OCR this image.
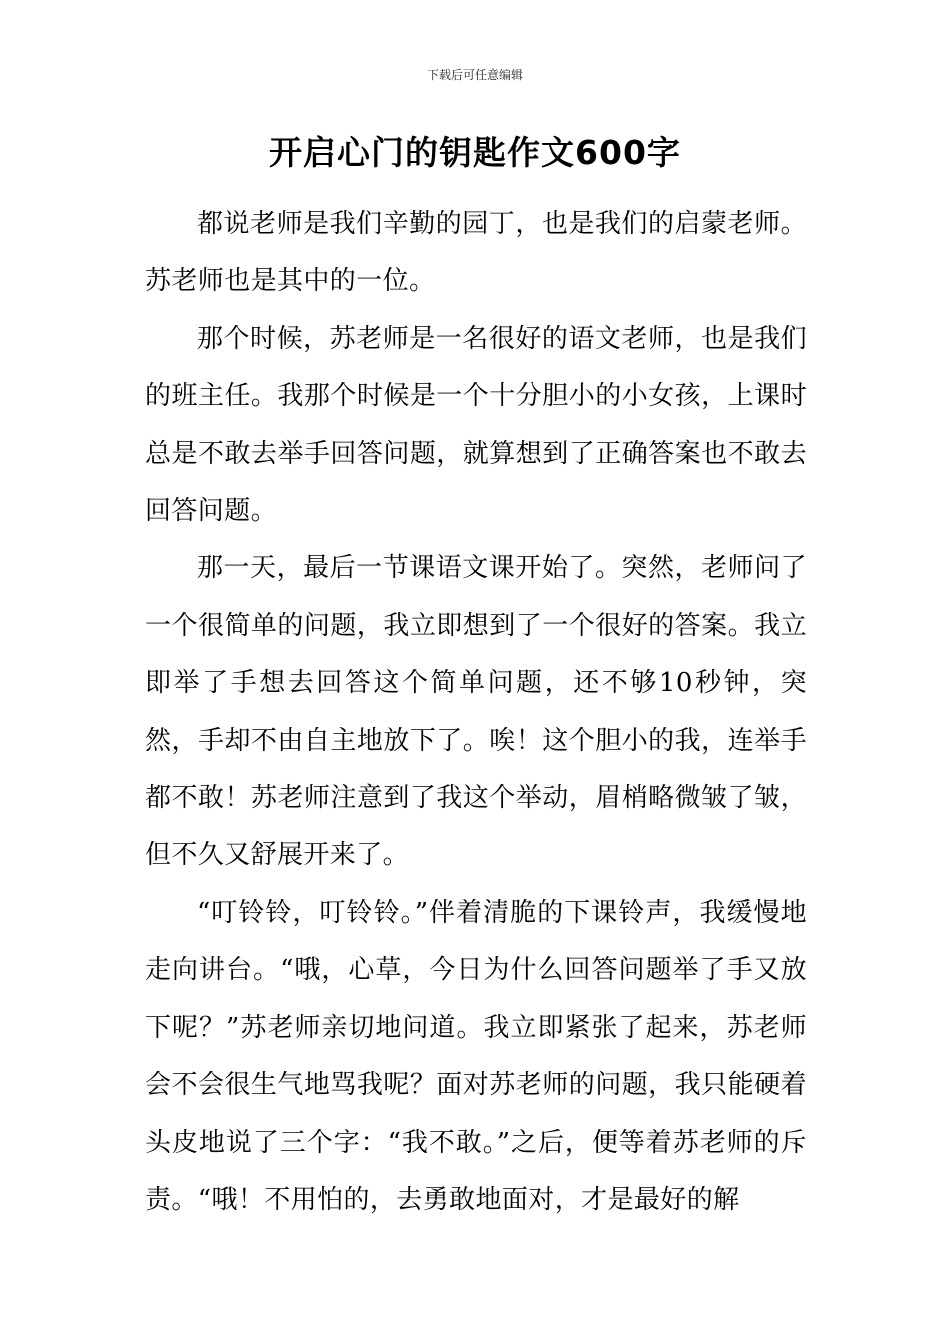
下载后可任意编辑
开启心门的钥匙作文600字

都说老师是我们辛勤的园丁，也是我们的启蒙老师。苏老师也是其中的一位。

那个时候，苏老师是一名很好的语文老师，也是我们的班主任。我那个时候是一个十分胆小的小女孩，上课时总是不敢去举手回答问题，就算想到了正确答案也不敢去回答问题。

那一天，最后一节课语文课开始了。突然，老师问了一个很简单的问题，我立即想到了一个很好的答案。我立即举了手想去回答这个简单问题，还不够10秒钟，突然，手却不由自主地放下了。唉！这个胆小的我，连举手都不敢！苏老师注意到了我这个举动，眉梢略微皱了皱，但不久又舒展开来了。

“叮铃铃，叮铃铃。”伴着清脆的下课铃声，我缓慢地走向讲台。“哦，心草，今日为什么回答问题举了手又放下呢？”苏老师亲切地问道。我立即紧张了起来，苏老师会不会很生气地骂我呢？面对苏老师的问题，我只能硬着头皮地说了三个字：“我不敢。”之后，便等着苏老师的斥责。“哦！不用怕的，去勇敢地面对，才是最好的解
